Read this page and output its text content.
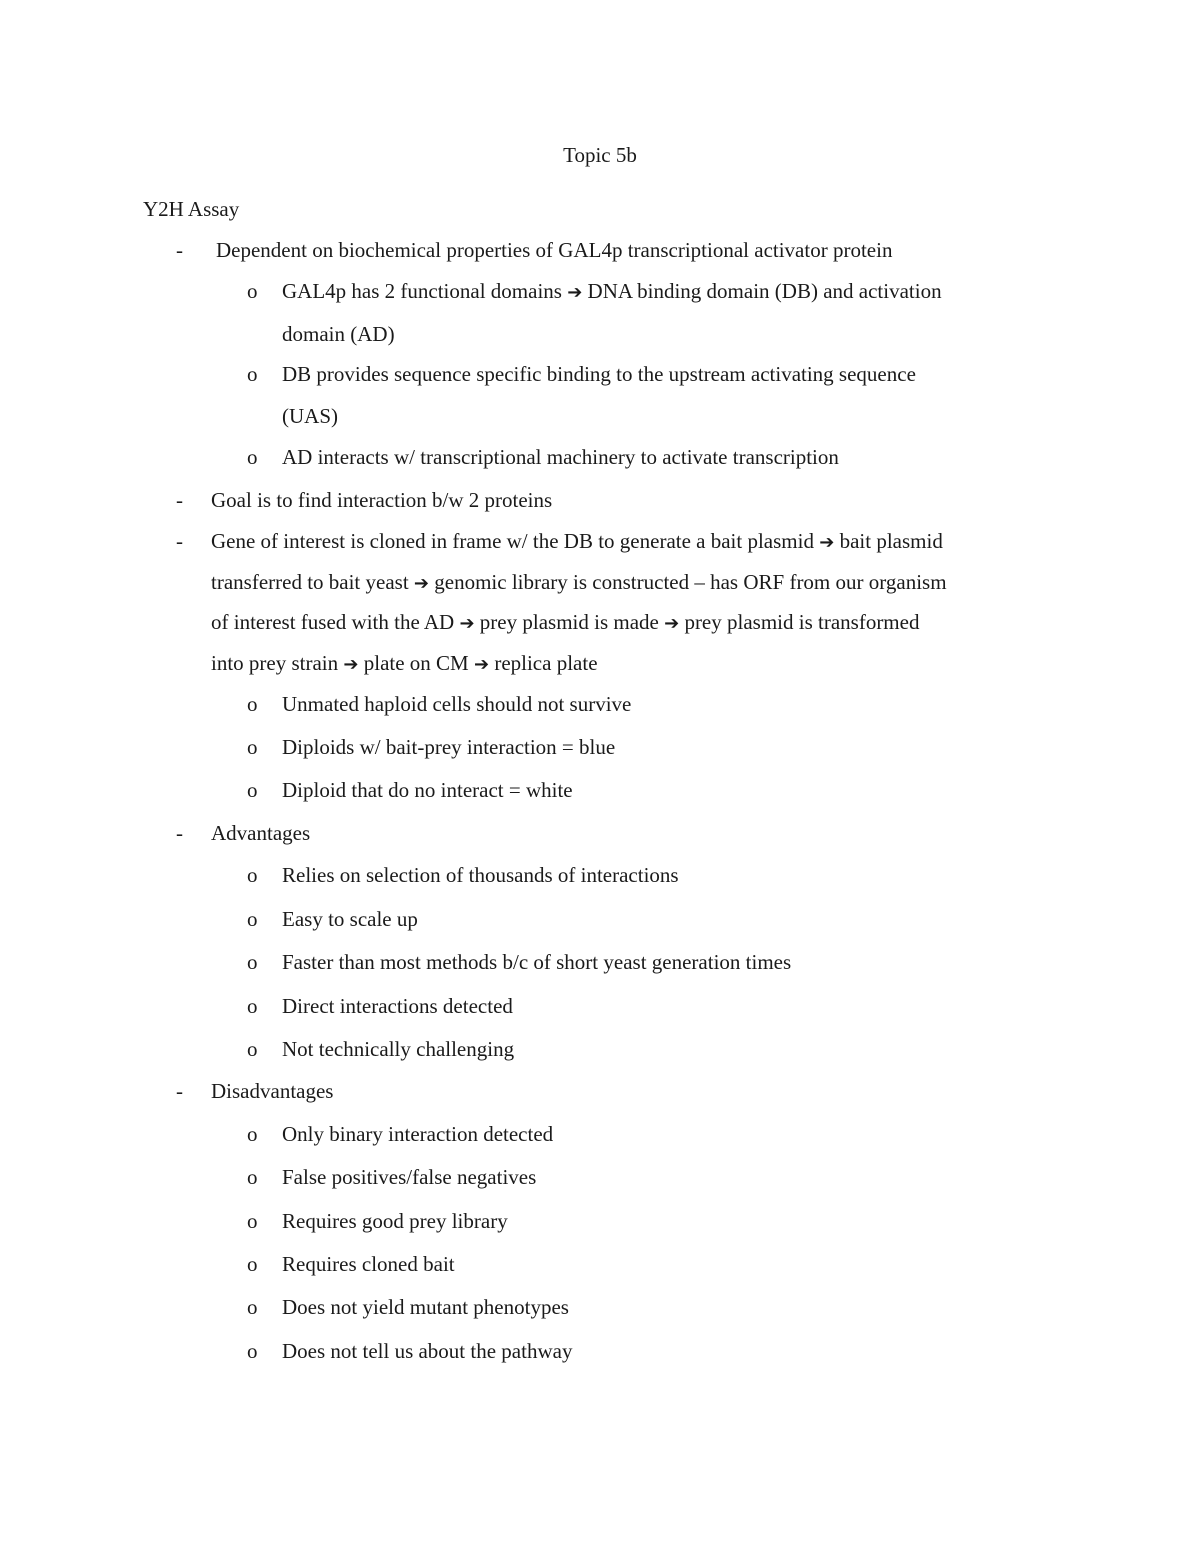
Topic 5b
Y2H Assay
-	Dependent on biochemical properties of GAL4p transcriptional activator protein
o	GAL4p has 2 functional domains ➔ DNA binding domain (DB) and activation
domain (AD)
o	DB provides sequence specific binding to the upstream activating sequence
(UAS)
o	AD interacts w/ transcriptional machinery to activate transcription
-	Goal is to find interaction b/w 2 proteins
-	Gene of interest is cloned in frame w/ the DB to generate a bait plasmid ➔ bait plasmid
transferred to bait yeast ➔ genomic library is constructed – has ORF from our organism
of interest fused with the AD ➔ prey plasmid is made ➔ prey plasmid is transformed
into prey strain ➔ plate on CM ➔ replica plate
o	Unmated haploid cells should not survive
o	Diploids w/ bait-prey interaction = blue
o	Diploid that do no interact = white
-	Advantages
o	Relies on selection of thousands of interactions
o	Easy to scale up
o	Faster than most methods b/c of short yeast generation times
o	Direct interactions detected
o	Not technically challenging
-	Disadvantages
o	Only binary interaction detected
o	False positives/false negatives
o	Requires good prey library
o	Requires cloned bait
o	Does not yield mutant phenotypes
o	Does not tell us about the pathway
